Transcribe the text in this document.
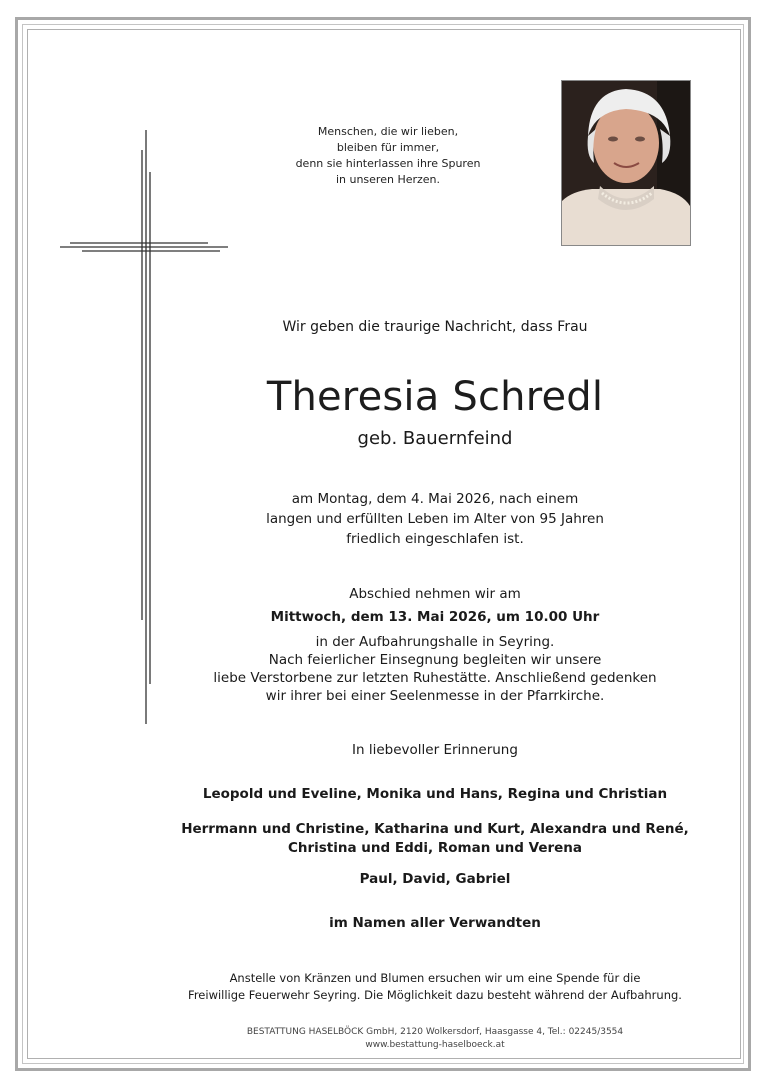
Menschen, die wir lieben,
bleiben für immer,
denn sie hinterlassen ihre Spuren
in unseren Herzen.
Wir geben die traurige Nachricht, dass Frau
Theresia Schredl
geb. Bauernfeind
am Montag, dem 4. Mai 2026, nach einem
langen und erfüllten Leben im Alter von 95 Jahren
friedlich eingeschlafen ist.
Abschied nehmen wir am
Mittwoch, dem 13. Mai 2026, um 10.00 Uhr
in der Aufbahrungshalle in Seyring.
Nach feierlicher Einsegnung begleiten wir unsere
liebe Verstorbene zur letzten Ruhestätte. Anschließend gedenken
wir ihrer bei einer Seelenmesse in der Pfarrkirche.
In liebevoller Erinnerung
Leopold und Eveline, Monika und Hans, Regina und Christian
Herrmann und Christine, Katharina und Kurt, Alexandra und René,
Christina und Eddi, Roman und Verena
Paul, David, Gabriel
im Namen aller Verwandten
Anstelle von Kränzen und Blumen ersuchen wir um eine Spende für die
Freiwillige Feuerwehr Seyring. Die Möglichkeit dazu besteht während der Aufbahrung.
BESTATTUNG HASELBÖCK GmbH, 2120 Wolkersdorf, Haasgasse 4, Tel.: 02245/3554
www.bestattung-haselboeck.at
